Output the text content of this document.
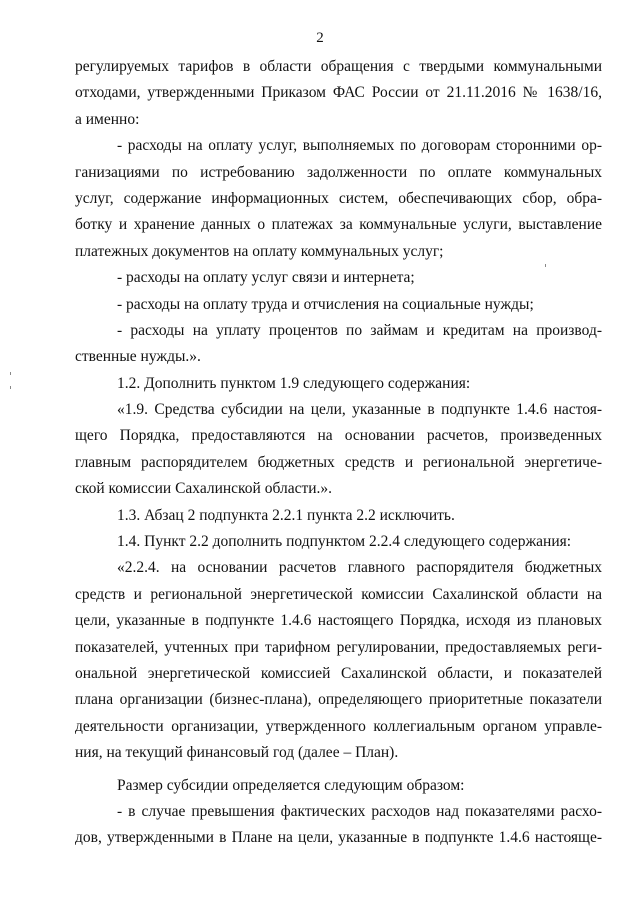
2
регулируемых тарифов в области обращения с твердыми коммунальными
отходами, утвержденными Приказом ФАС России от 21.11.2016 № 1638/16,
а именно:
- расходы на оплату услуг, выполняемых по договорам сторонними ор-
ганизациями по истребованию задолженности по оплате коммунальных
услуг, содержание информационных систем, обеспечивающих сбор, обра-
ботку и хранение данных о платежах за коммунальные услуги, выставление
платежных документов на оплату коммунальных услуг;
- расходы на оплату услуг связи и интернета;
- расходы на оплату труда и отчисления на социальные нужды;
- расходы на уплату процентов по займам и кредитам на производ-
ственные нужды.».
1.2. Дополнить пунктом 1.9 следующего содержания:
«1.9. Средства субсидии на цели, указанные в подпункте 1.4.6 настоя-
щего Порядка, предоставляются на основании расчетов, произведенных
главным распорядителем бюджетных средств и региональной энергетиче-
ской комиссии Сахалинской области.».
1.3. Абзац 2 подпункта 2.2.1 пункта 2.2 исключить.
1.4. Пункт 2.2 дополнить подпунктом 2.2.4 следующего содержания:
«2.2.4. на основании расчетов главного распорядителя бюджетных
средств и региональной энергетической комиссии Сахалинской области на
цели, указанные в подпункте 1.4.6 настоящего Порядка, исходя из плановых
показателей, учтенных при тарифном регулировании, предоставляемых реги-
ональной энергетической комиссией Сахалинской области, и показателей
плана организации (бизнес-плана), определяющего приоритетные показатели
деятельности организации, утвержденного коллегиальным органом управле-
ния, на текущий финансовый год (далее – План).
Размер субсидии определяется следующим образом:
- в случае превышения фактических расходов над показателями расхо-
дов, утвержденными в Плане на цели, указанные в подпункте 1.4.6 настояще-
